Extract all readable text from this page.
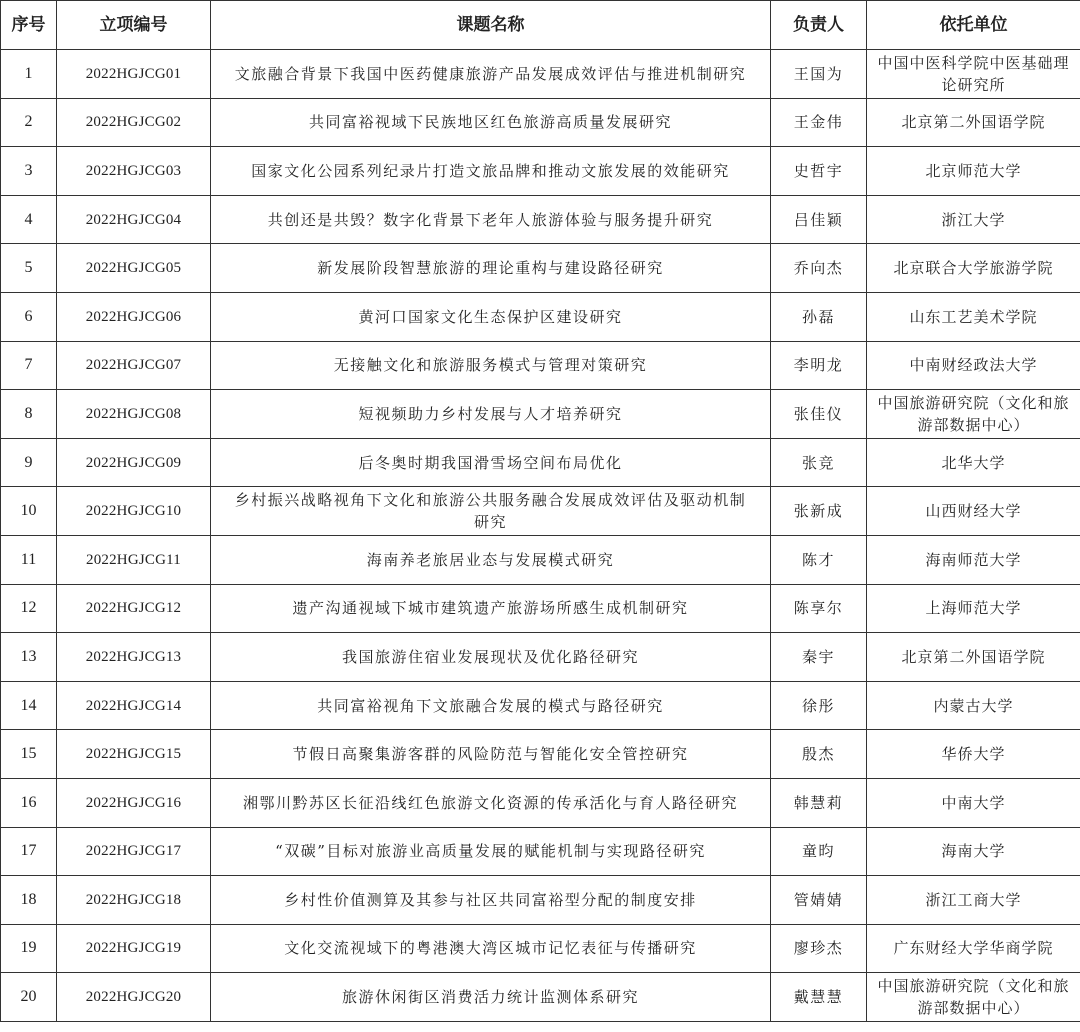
序号	立项编号	课题名称	负责人	依托单位
1	2022HGJCG01	文旅融合背景下我国中医药健康旅游产品发展成效评估与推进机制研究	王国为	中国中医科学院中医基础理论研究所
2	2022HGJCG02	共同富裕视域下民族地区红色旅游高质量发展研究	王金伟	北京第二外国语学院
3	2022HGJCG03	国家文化公园系列纪录片打造文旅品牌和推动文旅发展的效能研究	史哲宇	北京师范大学
4	2022HGJCG04	共创还是共毁？数字化背景下老年人旅游体验与服务提升研究	吕佳颖	浙江大学
5	2022HGJCG05	新发展阶段智慧旅游的理论重构与建设路径研究	乔向杰	北京联合大学旅游学院
6	2022HGJCG06	黄河口国家文化生态保护区建设研究	孙磊	山东工艺美术学院
7	2022HGJCG07	无接触文化和旅游服务模式与管理对策研究	李明龙	中南财经政法大学
8	2022HGJCG08	短视频助力乡村发展与人才培养研究	张佳仪	中国旅游研究院（文化和旅游部数据中心）
9	2022HGJCG09	后冬奥时期我国滑雪场空间布局优化	张竞	北华大学
10	2022HGJCG10	乡村振兴战略视角下文化和旅游公共服务融合发展成效评估及驱动机制研究	张新成	山西财经大学
11	2022HGJCG11	海南养老旅居业态与发展模式研究	陈才	海南师范大学
12	2022HGJCG12	遗产沟通视域下城市建筑遗产旅游场所感生成机制研究	陈享尔	上海师范大学
13	2022HGJCG13	我国旅游住宿业发展现状及优化路径研究	秦宇	北京第二外国语学院
14	2022HGJCG14	共同富裕视角下文旅融合发展的模式与路径研究	徐彤	内蒙古大学
15	2022HGJCG15	节假日高聚集游客群的风险防范与智能化安全管控研究	殷杰	华侨大学
16	2022HGJCG16	湘鄂川黔苏区长征沿线红色旅游文化资源的传承活化与育人路径研究	韩慧莉	中南大学
17	2022HGJCG17	“双碳”目标对旅游业高质量发展的赋能机制与实现路径研究	童昀	海南大学
18	2022HGJCG18	乡村性价值测算及其参与社区共同富裕型分配的制度安排	管婧婧	浙江工商大学
19	2022HGJCG19	文化交流视域下的粤港澳大湾区城市记忆表征与传播研究	廖珍杰	广东财经大学华商学院
20	2022HGJCG20	旅游休闲街区消费活力统计监测体系研究	戴慧慧	中国旅游研究院（文化和旅游部数据中心）
